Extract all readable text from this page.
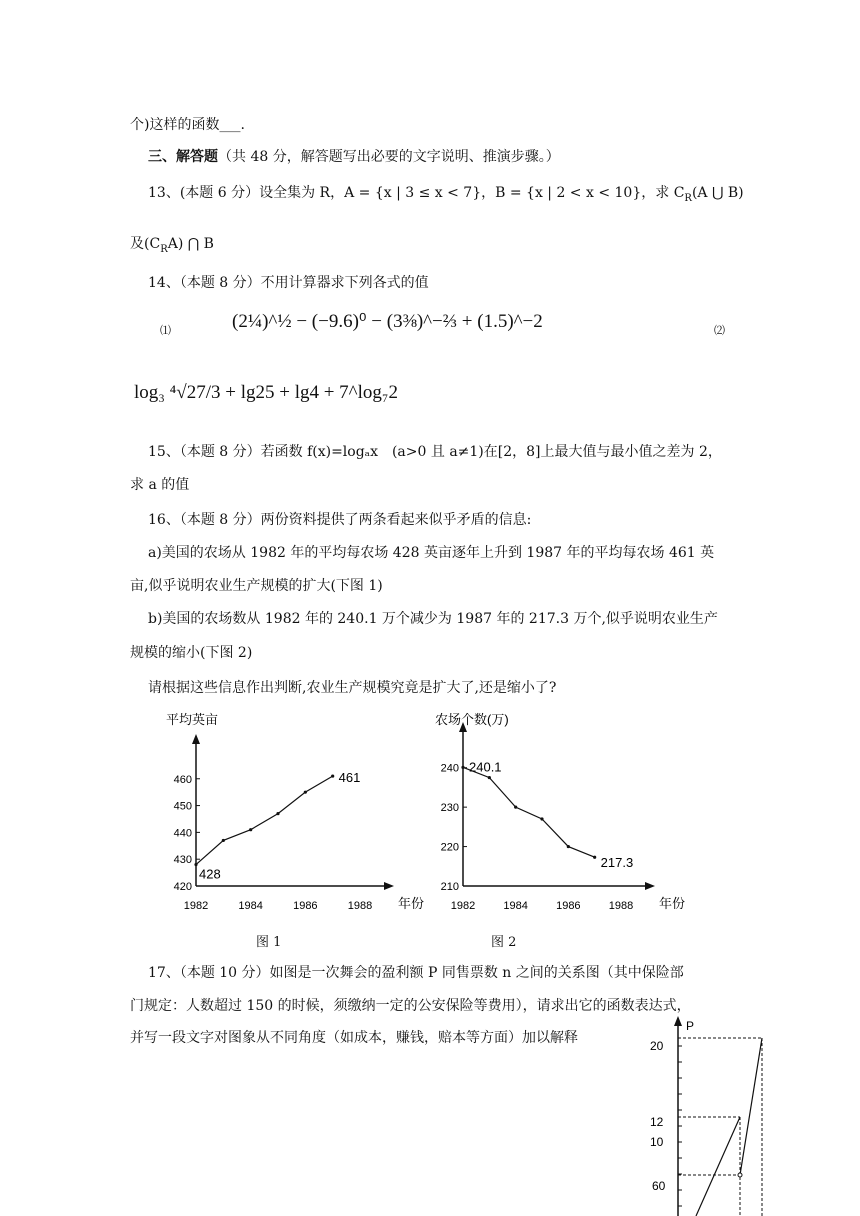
个)这样的函数___.
三、解答题（共 48 分，解答题写出必要的文字说明、推演步骤。）
13、(本题 6 分）设全集为 R，A = {x | 3 ≤ x < 7}，B = {x | 2 < x < 10}，求 $C_R(A$ ⋃ B)
及$(C_RA)$ ⋂ B
14、（本题 8 分）不用计算器求下列各式的值
⑴	(2¼)^½ − (−9.6)⁰ − (3⅜)^−⅔ + (1.5)^−2	⑵
log₃ ⁴√27/3 + lg25 + lg4 + 7^log₇2
15、（本题 8 分）若函数 f(x)=logₐx　(a>0 且 a≠1)在[2，8]上最大值与最小值之差为 2，
求 a 的值
16、（本题 8 分）两份资料提供了两条看起来似乎矛盾的信息:
a)美国的农场从 1982 年的平均每农场 428 英亩逐年上升到 1987 年的平均每农场 461 英
亩,似乎说明农业生产规模的扩大(下图 1)
b)美国的农场数从 1982 年的 240.1 万个减少为 1987 年的 217.3 万个,似乎说明农业生产
规模的缩小(下图 2)
请根据这些信息作出判断,农业生产规模究竟是扩大了,还是缩小了?
平均英亩
年份
420
430
440
450
460
1982	1984	1986	1988
428
461
图 1
农场个数(万)
年份
210
220
230
240
1982	1984	1986	1988
240.1
217.3
图 2
17、（本题 10 分）如图是一次舞会的盈利额 P 同售票数 n 之间的关系图（其中保险部
门规定：人数超过 150 的时候，须缴纳一定的公安保险等费用），请求出它的函数表达式，
并写一段文字对图象从不同角度（如成本，赚钱，赔本等方面）加以解释
P
20
12
10
60
